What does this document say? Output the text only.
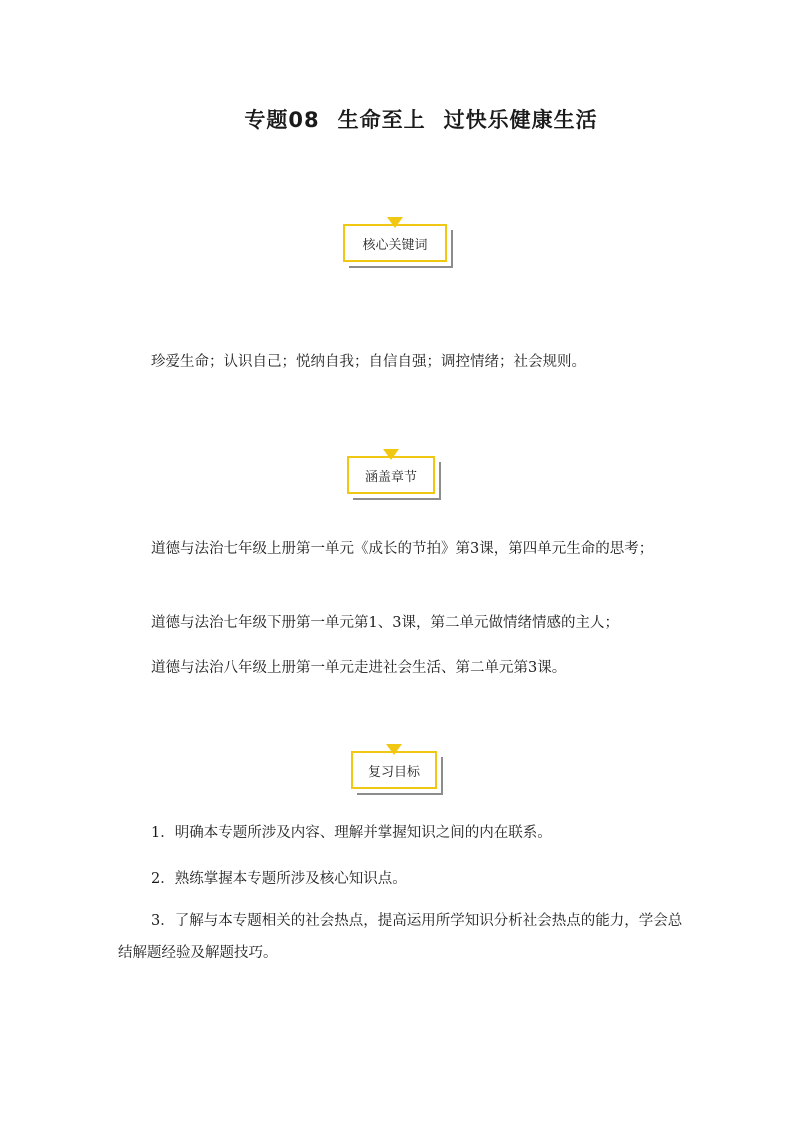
专题08 生命至上 过快乐健康生活
核心关键词
珍爱生命；认识自己；悦纳自我；自信自强；调控情绪；社会规则。
涵盖章节
道德与法治七年级上册第一单元《成长的节拍》第3课，第四单元生命的思考；
道德与法治七年级下册第一单元第1、3课，第二单元做情绪情感的主人；
道德与法治八年级上册第一单元走进社会生活、第二单元第3课。
复习目标
1．明确本专题所涉及内容、理解并掌握知识之间的内在联系。
2．熟练掌握本专题所涉及核心知识点。
3．了解与本专题相关的社会热点，提高运用所学知识分析社会热点的能力，学会总结解题经验及解题技巧。
